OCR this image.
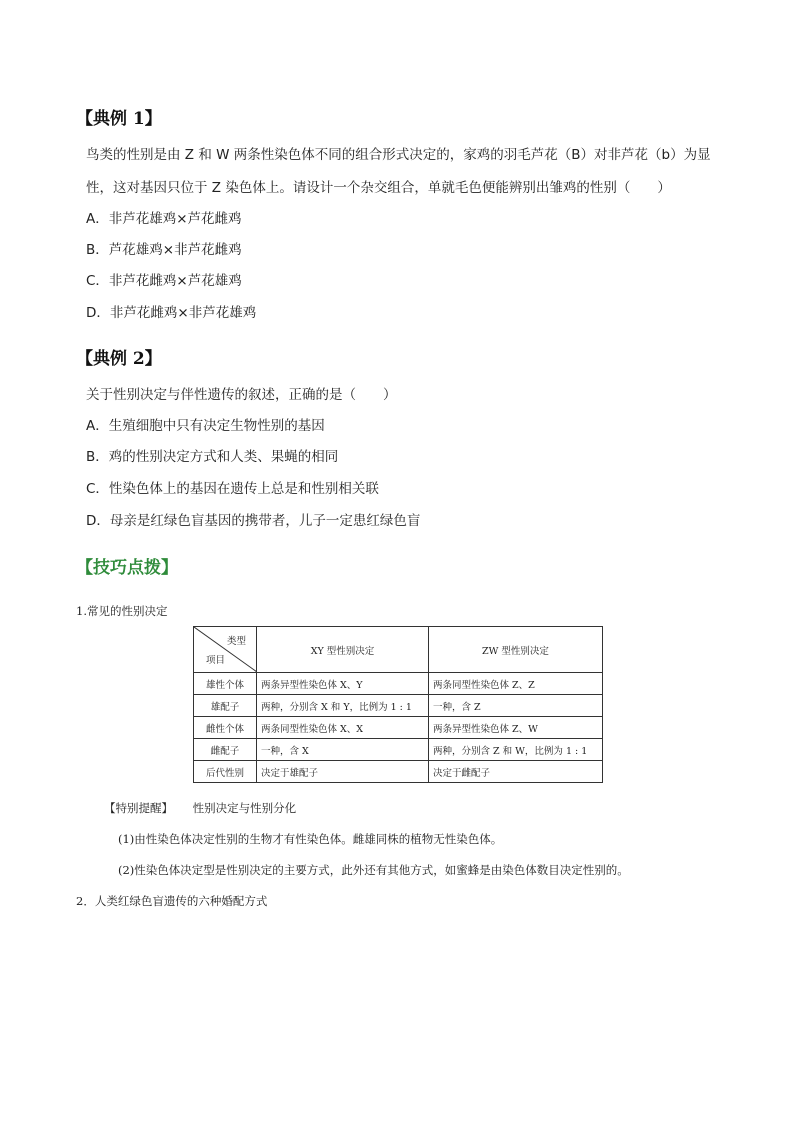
【典例 1】
鸟类的性别是由 Z 和 W 两条性染色体不同的组合形式决定的，家鸡的羽毛芦花（B）对非芦花（b）为显
性，这对基因只位于 Z 染色体上。请设计一个杂交组合，单就毛色便能辨别出雏鸡的性别（　　）
A．非芦花雄鸡×芦花雌鸡
B．芦花雄鸡×非芦花雌鸡
C．非芦花雌鸡×芦花雄鸡
D．非芦花雌鸡×非芦花雄鸡
【典例 2】
关于性别决定与伴性遗传的叙述，正确的是（　　）
A．生殖细胞中只有决定生物性别的基因
B．鸡的性别决定方式和人类、果蝇的相同
C．性染色体上的基因在遗传上总是和性别相关联
D．母亲是红绿色盲基因的携带者，儿子一定患红绿色盲
【技巧点拨】
1.常见的性别决定
类型
项目	XY 型性别决定	ZW 型性别决定
雄性个体	两条异型性染色体 X、Y	两条同型性染色体 Z、Z
雄配子	两种，分别含 X 和 Y，比例为 1 : 1	一种，含 Z
雌性个体	两条同型性染色体 X、X	两条异型性染色体 Z、W
雌配子	一种，含 X	两种，分别含 Z 和 W，比例为 1 : 1
后代性别	决定于雄配子	决定于雌配子
【特别提醒】 性别决定与性别分化
(1)由性染色体决定性别的生物才有性染色体。雌雄同株的植物无性染色体。
(2)性染色体决定型是性别决定的主要方式，此外还有其他方式，如蜜蜂是由染色体数目决定性别的。
2．人类红绿色盲遗传的六种婚配方式
